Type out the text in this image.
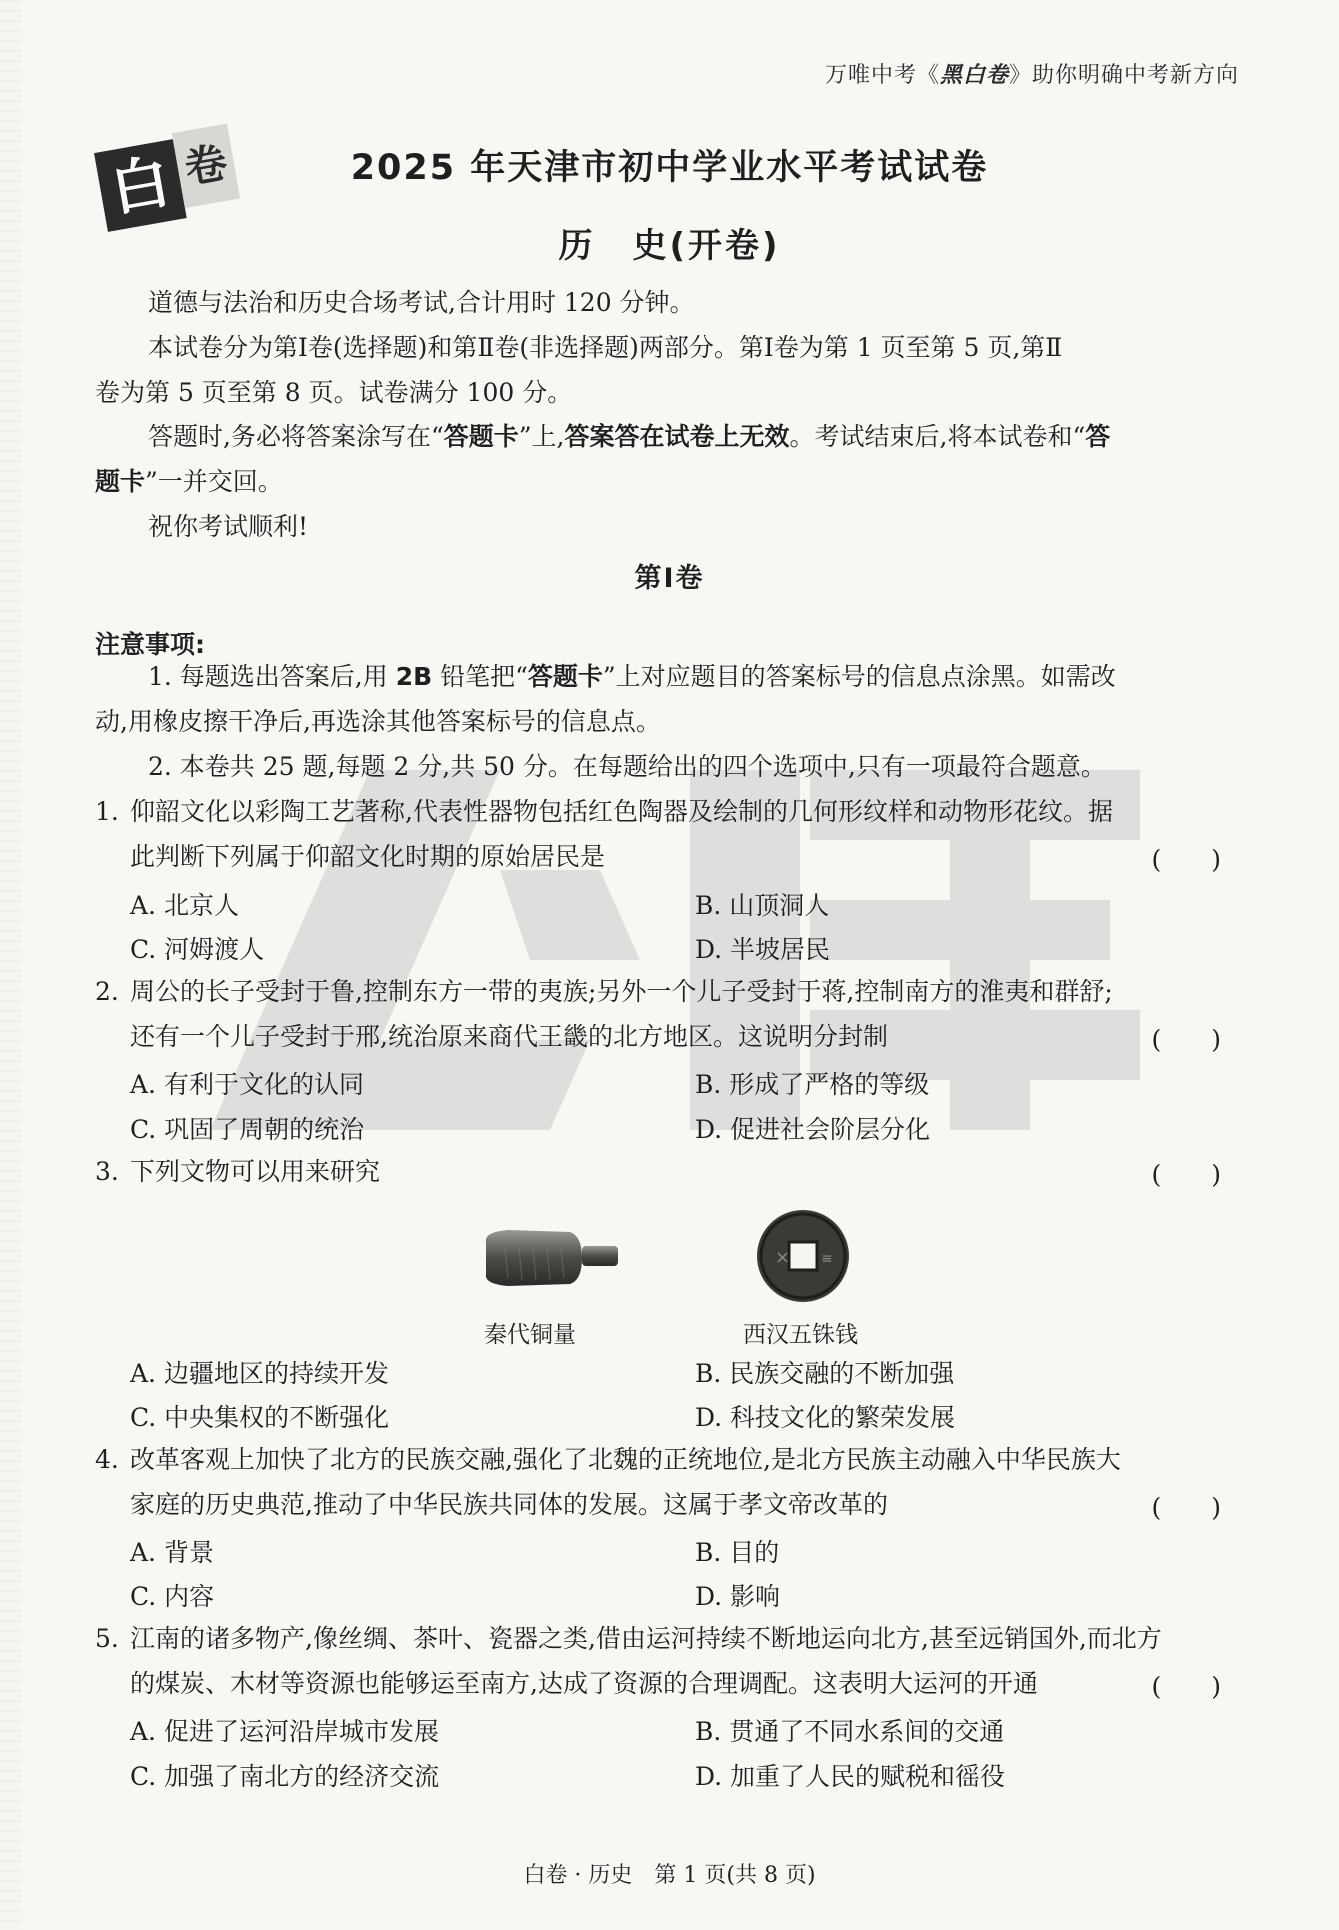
万唯中考《黑白卷》助你明确中考新方向
白 卷	2025 年天津市初中学业水平考试试卷
历　史(开卷)
道德与法治和历史合场考试,合计用时 120 分钟。
本试卷分为第Ⅰ卷(选择题)和第Ⅱ卷(非选择题)两部分。第Ⅰ卷为第 1 页至第 5 页,第Ⅱ
卷为第 5 页至第 8 页。试卷满分 100 分。
答题时,务必将答案涂写在“答题卡”上,答案答在试卷上无效。考试结束后,将本试卷和“答
题卡”一并交回。
祝你考试顺利!
第Ⅰ卷
注意事项:
1. 每题选出答案后,用 2B 铅笔把“答题卡”上对应题目的答案标号的信息点涂黑。如需改
动,用橡皮擦干净后,再选涂其他答案标号的信息点。
2. 本卷共 25 题,每题 2 分,共 50 分。在每题给出的四个选项中,只有一项最符合题意。
1. 仰韶文化以彩陶工艺著称,代表性器物包括红色陶器及绘制的几何形纹样和动物形花纹。据
此判断下列属于仰韶文化时期的原始居民是	(　　)
A. 北京人	B. 山顶洞人
C. 河姆渡人	D. 半坡居民
2. 周公的长子受封于鲁,控制东方一带的夷族;另外一个儿子受封于蒋,控制南方的淮夷和群舒;
还有一个儿子受封于邢,统治原来商代王畿的北方地区。这说明分封制	(　　)
A. 有利于文化的认同	B. 形成了严格的等级
C. 巩固了周朝的统治	D. 促进社会阶层分化
3. 下列文物可以用来研究	(　　)
秦代铜量
× ≡
西汉五铢钱
A. 边疆地区的持续开发	B. 民族交融的不断加强
C. 中央集权的不断强化	D. 科技文化的繁荣发展
4. 改革客观上加快了北方的民族交融,强化了北魏的正统地位,是北方民族主动融入中华民族大
家庭的历史典范,推动了中华民族共同体的发展。这属于孝文帝改革的	(　　)
A. 背景	B. 目的
C. 内容	D. 影响
5. 江南的诸多物产,像丝绸、茶叶、瓷器之类,借由运河持续不断地运向北方,甚至远销国外,而北方
的煤炭、木材等资源也能够运至南方,达成了资源的合理调配。这表明大运河的开通	(　　)
A. 促进了运河沿岸城市发展	B. 贯通了不同水系间的交通
C. 加强了南北方的经济交流	D. 加重了人民的赋税和徭役
白卷 · 历史　第 1 页(共 8 页)
